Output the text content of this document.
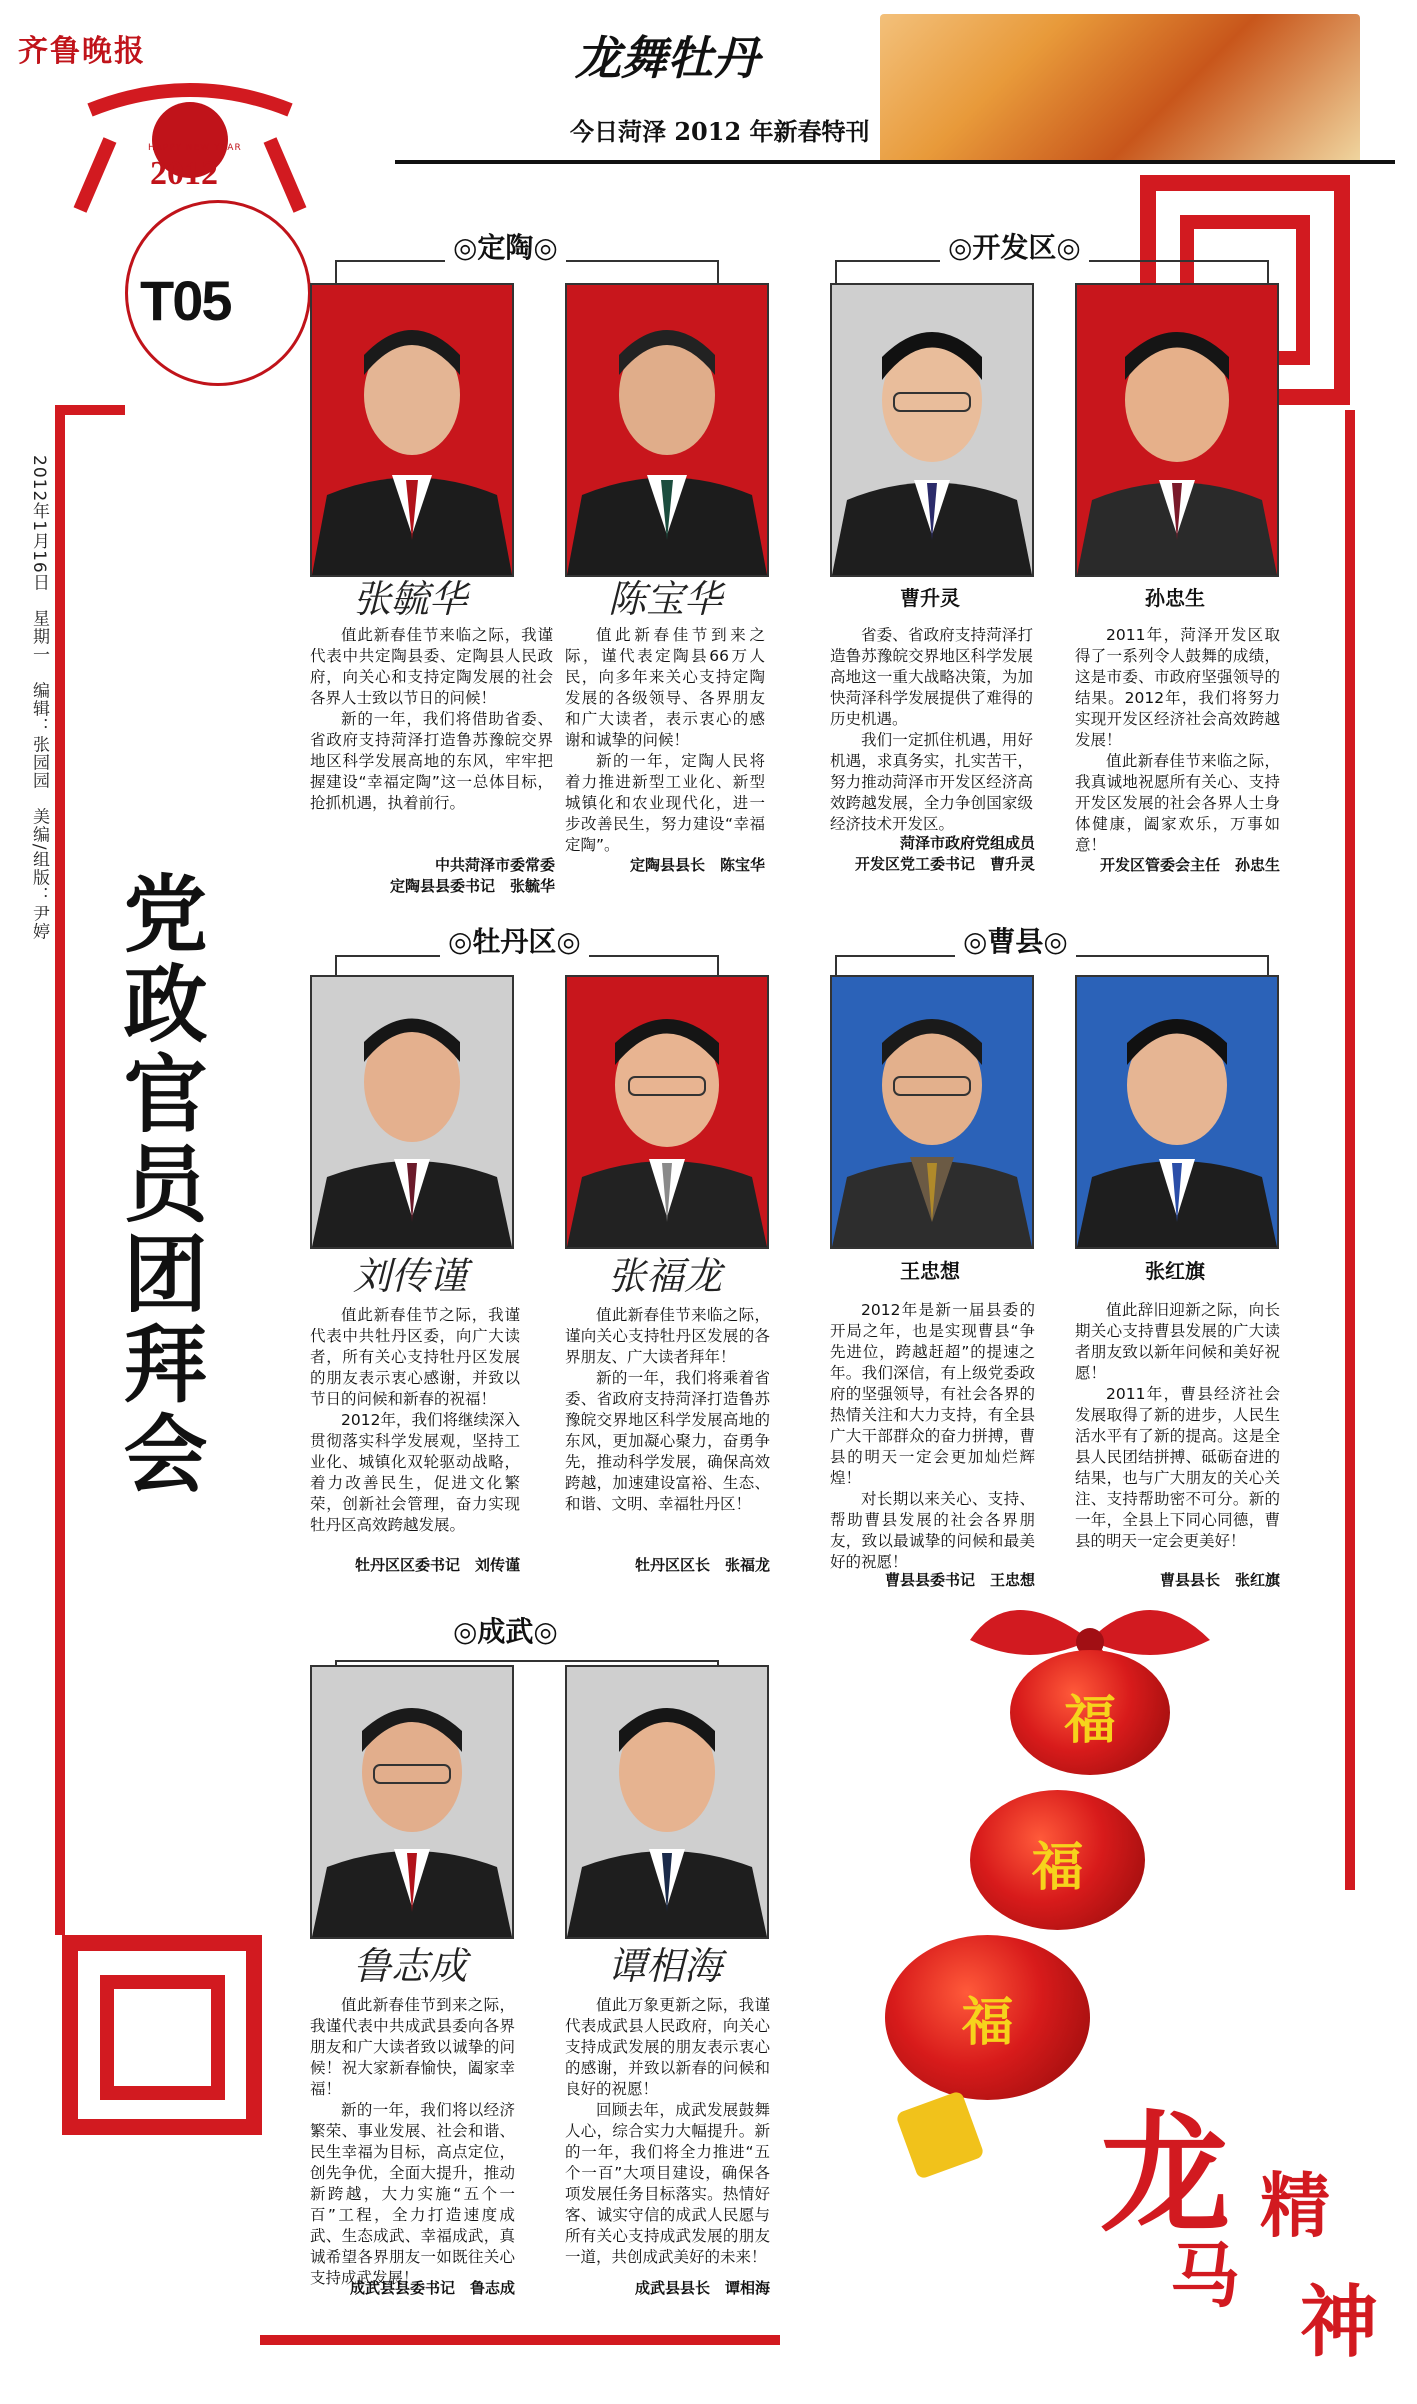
齐鲁晚报
2012
HAPPY NEW YEAR
T05
龙舞牡丹
今日菏泽 2012 年新春特刊
2012年1月16日　星期一　编辑：张园园　美编/组版：尹婷
党政官员团拜会
◎定陶◎
张毓华	陈宝华

值此新春佳节来临之际，我谨代表中共定陶县委、定陶县人民政府，向关心和支持定陶发展的社会各界人士致以节日的问候！

新的一年，我们将借助省委、省政府支持菏泽打造鲁苏豫皖交界地区科学发展高地的东风，牢牢把握建设“幸福定陶”这一总体目标，抢抓机遇，执着前行。

中共菏泽市委常委
定陶县县委书记　张毓华

值此新春佳节到来之际，谨代表定陶县66万人民，向多年来关心支持定陶发展的各级领导、各界朋友和广大读者，表示衷心的感谢和诚挚的问候！

新的一年，定陶人民将着力推进新型工业化、新型城镇化和农业现代化，进一步改善民生，努力建设“幸福定陶”。

定陶县县长　陈宝华
◎开发区◎
曹升灵	孙忠生

省委、省政府支持菏泽打造鲁苏豫皖交界地区科学发展高地这一重大战略决策，为加快菏泽科学发展提供了难得的历史机遇。

我们一定抓住机遇，用好机遇，求真务实，扎实苦干，努力推动菏泽市开发区经济高效跨越发展，全力争创国家级经济技术开发区。

菏泽市政府党组成员
开发区党工委书记　曹升灵

2011年，菏泽开发区取得了一系列令人鼓舞的成绩，这是市委、市政府坚强领导的结果。2012年，我们将努力实现开发区经济社会高效跨越发展！

值此新春佳节来临之际，我真诚地祝愿所有关心、支持开发区发展的社会各界人士身体健康，阖家欢乐，万事如意！

开发区管委会主任　孙忠生
◎牡丹区◎
刘传谨	张福龙

值此新春佳节之际，我谨代表中共牡丹区委，向广大读者，所有关心支持牡丹区发展的朋友表示衷心感谢，并致以节日的问候和新春的祝福！

2012年，我们将继续深入贯彻落实科学发展观，坚持工业化、城镇化双轮驱动战略，着力改善民生，促进文化繁荣，创新社会管理，奋力实现牡丹区高效跨越发展。

牡丹区区委书记　刘传谨

值此新春佳节来临之际，谨向关心支持牡丹区发展的各界朋友、广大读者拜年！

新的一年，我们将乘着省委、省政府支持菏泽打造鲁苏豫皖交界地区科学发展高地的东风，更加凝心聚力，奋勇争先，推动科学发展，确保高效跨越，加速建设富裕、生态、和谐、文明、幸福牡丹区！

牡丹区区长　张福龙
◎曹县◎
王忠想	张红旗

2012年是新一届县委的开局之年，也是实现曹县“争先进位，跨越赶超”的提速之年。我们深信，有上级党委政府的坚强领导，有社会各界的热情关注和大力支持，有全县广大干部群众的奋力拼搏，曹县的明天一定会更加灿烂辉煌！

对长期以来关心、支持、帮助曹县发展的社会各界朋友，致以最诚挚的问候和最美好的祝愿！

曹县县委书记　王忠想

值此辞旧迎新之际，向长期关心支持曹县发展的广大读者朋友致以新年问候和美好祝愿！

2011年，曹县经济社会发展取得了新的进步，人民生活水平有了新的提高。这是全县人民团结拼搏、砥砺奋进的结果，也与广大朋友的关心关注、支持帮助密不可分。新的一年，全县上下同心同德，曹县的明天一定会更美好！

曹县县长　张红旗
◎成武◎
鲁志成	谭相海

值此新春佳节到来之际，我谨代表中共成武县委向各界朋友和广大读者致以诚挚的问候！祝大家新春愉快，阖家幸福！

新的一年，我们将以经济繁荣、事业发展、社会和谐、民生幸福为目标，高点定位，创先争优，全面大提升，推动新跨越，大力实施“五个一百”工程，全力打造速度成武、生态成武、幸福成武，真诚希望各界朋友一如既往关心支持成武发展！

成武县县委书记　鲁志成

值此万象更新之际，我谨代表成武县人民政府，向关心支持成武发展的朋友表示衷心的感谢，并致以新春的问候和良好的祝愿！

回顾去年，成武发展鼓舞人心，综合实力大幅提升。新的一年，我们将全力推进“五个一百”大项目建设，确保各项发展任务目标落实。热情好客、诚实守信的成武人民愿与所有关心支持成武发展的朋友一道，共创成武美好的未来！

成武县县长　谭相海
福
福
福
龙
马
精
神
